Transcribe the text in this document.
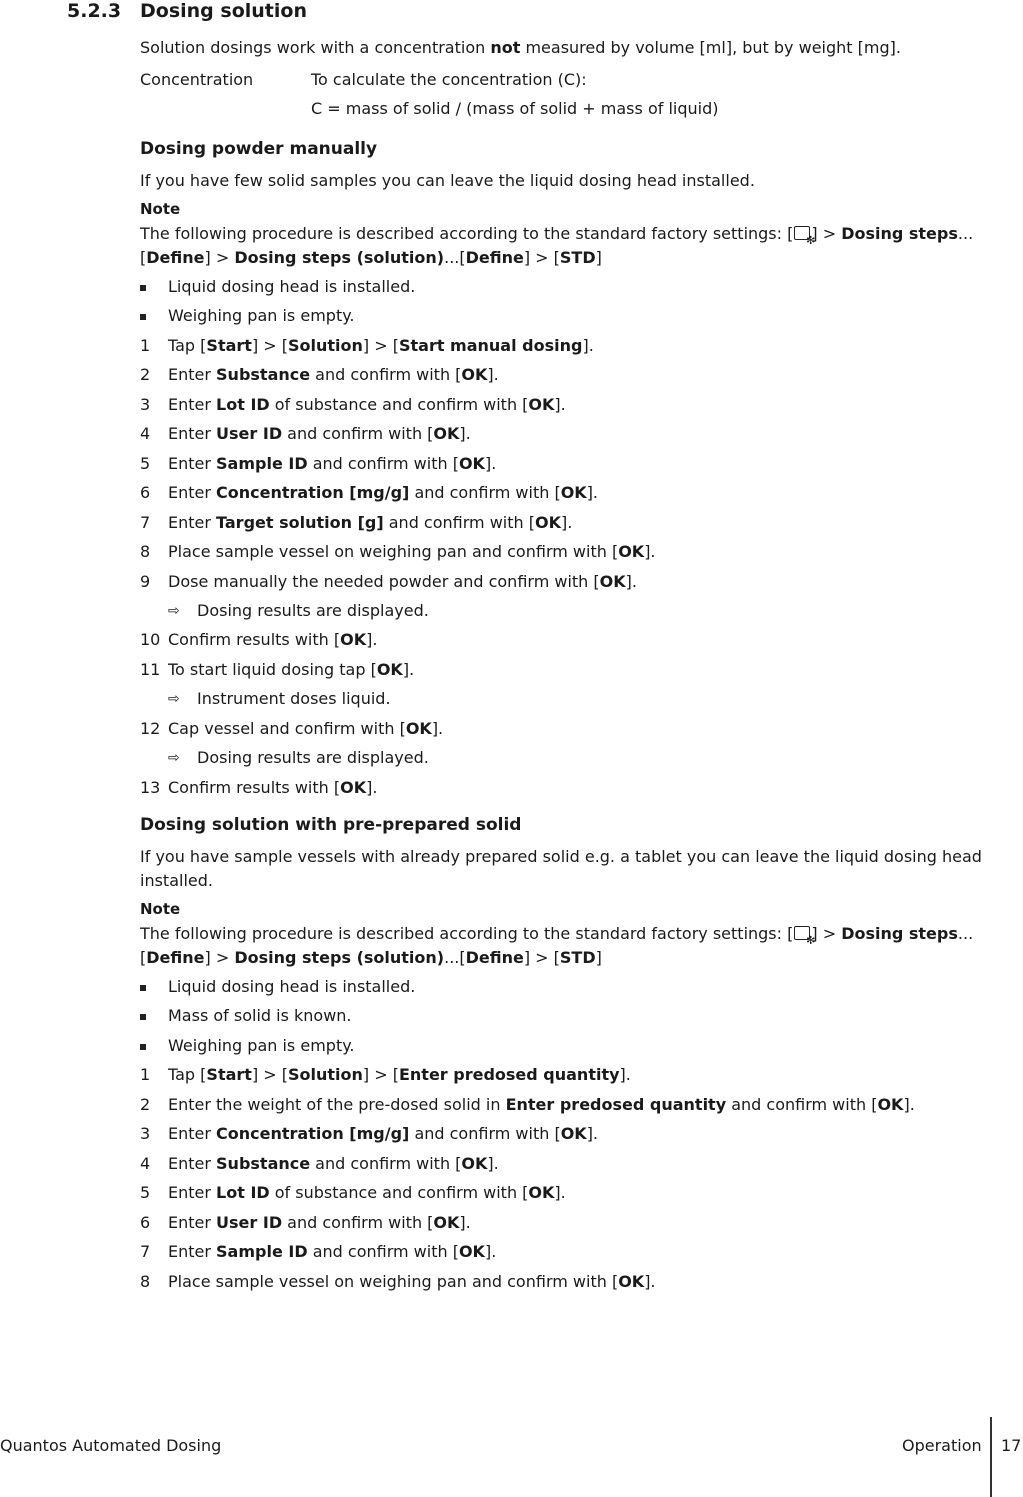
5.2.3 Dosing solution
Solution dosings work with a concentration not measured by volume [ml], but by weight [mg].
Concentration	To calculate the concentration (C):
C = mass of solid / (mass of solid + mass of liquid)
Dosing powder manually
If you have few solid samples you can leave the liquid dosing head installed.
Note
The following procedure is described according to the standard factory settings: [ ✻ ] > Dosing steps...
[Define] > Dosing steps (solution)...[Define] > [STD]
Liquid dosing head is installed.
Weighing pan is empty.
1 Tap [Start] > [Solution] > [Start manual dosing].
2 Enter Substance and confirm with [OK].
3 Enter Lot ID of substance and confirm with [OK].
4 Enter User ID and confirm with [OK].
5 Enter Sample ID and confirm with [OK].
6 Enter Concentration [mg/g] and confirm with [OK].
7 Enter Target solution [g] and confirm with [OK].
8 Place sample vessel on weighing pan and confirm with [OK].
9 Dose manually the needed powder and confirm with [OK].
⇨ Dosing results are displayed.
10 Confirm results with [OK].
11 To start liquid dosing tap [OK].
⇨ Instrument doses liquid.
12 Cap vessel and confirm with [OK].
⇨ Dosing results are displayed.
13 Confirm results with [OK].
Dosing solution with pre-prepared solid
If you have sample vessels with already prepared solid e.g. a tablet you can leave the liquid dosing head
installed.
Note
The following procedure is described according to the standard factory settings: [ ✻ ] > Dosing steps...
[Define] > Dosing steps (solution)...[Define] > [STD]
Liquid dosing head is installed.
Mass of solid is known.
Weighing pan is empty.
1 Tap [Start] > [Solution] > [Enter predosed quantity].
2 Enter the weight of the pre-dosed solid in Enter predosed quantity and confirm with [OK].
3 Enter Concentration [mg/g] and confirm with [OK].
4 Enter Substance and confirm with [OK].
5 Enter Lot ID of substance and confirm with [OK].
6 Enter User ID and confirm with [OK].
7 Enter Sample ID and confirm with [OK].
8 Place sample vessel on weighing pan and confirm with [OK].
Quantos Automated Dosing	Operation 17
